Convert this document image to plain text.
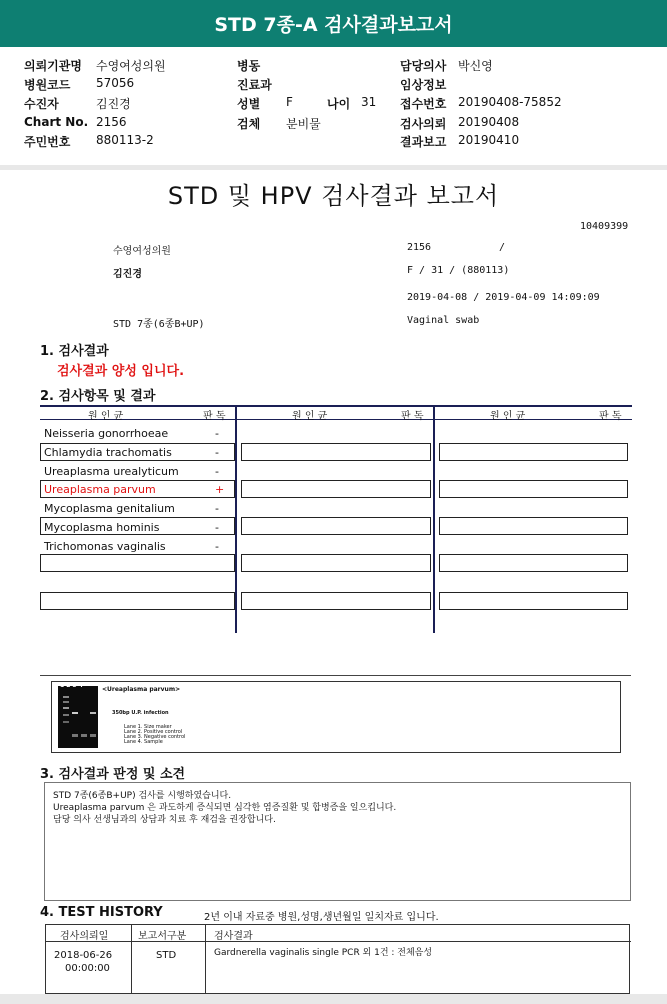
STD 7종-A 검사결과보고서
의뢰기관명 수영여성의원
병원코드 57056
수진자	김진경
Chart No. 2156
주민번호 880113-2
병동
진료과
성별 F	나이 31
검체 분비물
담당의사 박신영
임상정보
접수번호 20190408-75852
검사의뢰 20190408
결과보고 20190410
STD 및 HPV 검사결과 보고서
10409399
수영여성의원	2156	/
김진경	F / 31 / (880113)
2019-04-08 / 2019-04-09 14:09:09
STD 7종(6종B+UP)	Vaginal swab
1. 검사결과
검사결과 양성 입니다.
2. 검사항목 및 결과
원 인 균	판 독	원 인 균	판 독	원 인 균	판 독
Neisseria gonorrhoeae	-
Chlamydia trachomatis	-
Ureaplasma urealyticum	-
Ureaplasma parvum	+
Mycoplasma genitalium	-
Mycoplasma hominis	-
Trichomonas vaginalis	-
1 2 3 4
<Ureaplasma parvum>
350bp U.P. infection
Lane 1. Size maker
Lane 2. Positive control
Lane 3. Negative control
Lane 4. Sample
3. 검사결과 판정 및 소견
STD 7종(6종B+UP) 검사를 시행하였습니다.
Ureaplasma parvum 은 과도하게 증식되면 심각한 염증질환 및 합병증을 일으킵니다.
담당 의사 선생님과의 상담과 치료 후 재검을 권장합니다.
4. TEST HISTORY	2년 이내 자료중 병원,성명,생년월일 일치자료 입니다.
검사의뢰일	보고서구분	검사결과
2018-06-26
00:00:00
STD	Gardnerella vaginalis single PCR 외 1건 : 전체음성
